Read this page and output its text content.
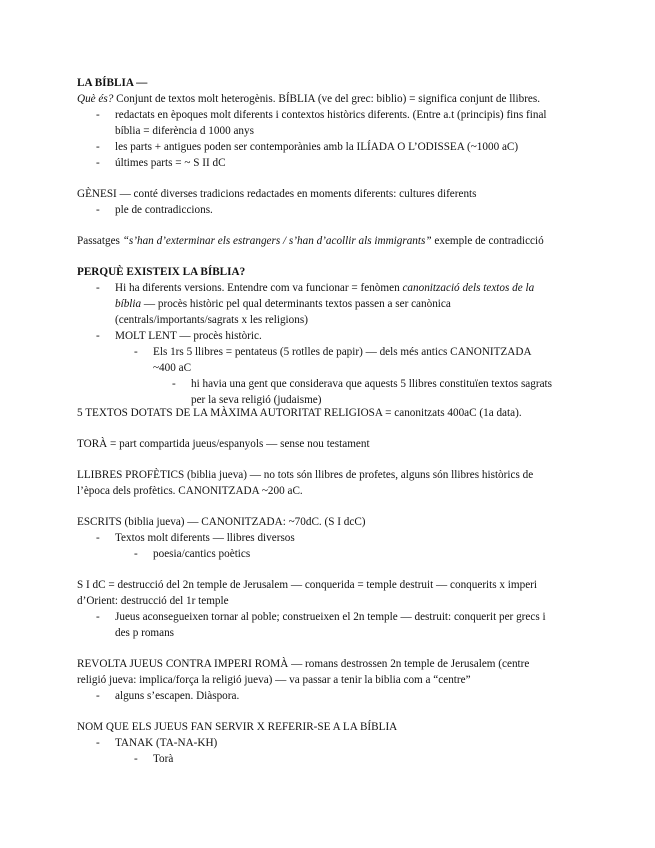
LA BÍBLIA —
Què és? Conjunt de textos molt heterogènis. BÍBLIA (ve del grec: biblio) = significa conjunt de llibres.
- redactats en èpoques molt diferents i contextos històrics diferents. (Entre a.t (principis) fins final
bíblia = diferència d 1000 anys
- les parts + antigues poden ser contemporànies amb la ILÍADA O L’ODISSEA (~1000 aC)
- últimes parts = ~ S II dC
GÈNESI — conté diverses tradicions redactades en moments diferents: cultures diferents
- ple de contradiccions.
Passatges “s’han d’exterminar els estrangers / s’han d’acollir als immigrants” exemple de contradicció
PERQUÈ EXISTEIX LA BÍBLIA?
- Hi ha diferents versions. Entendre com va funcionar = fenòmen canonització dels textos de la
bíblia — procès històric pel qual determinants textos passen a ser canònica
(centrals/importants/sagrats x les religions)
- MOLT LENT — procès històric.
- Els 1rs 5 llibres = pentateus (5 rotlles de papir) — dels més antics CANONITZADA
~400 aC
- hi havia una gent que considerava que aquests 5 llibres constituïen textos sagrats
per la seva religió (judaisme)
5 TEXTOS DOTATS DE LA MÀXIMA AUTORITAT RELIGIOSA = canonitzats 400aC (1a data).
TORÀ = part compartida jueus/espanyols — sense nou testament
LLIBRES PROFÈTICS (biblia jueva) — no tots són llibres de profetes, alguns són llibres històrics de
l’època dels profètics. CANONITZADA ~200 aC.
ESCRITS (biblia jueva) — CANONITZADA: ~70dC. (S I dcC)
- Textos molt diferents — llibres diversos
- poesia/cantics poètics
S I dC = destrucció del 2n temple de Jerusalem — conquerida = temple destruit — conquerits x imperi
d’Orient: destrucció del 1r temple
- Jueus aconsegueixen tornar al poble; construeixen el 2n temple — destruit: conquerit per grecs i
des p romans
REVOLTA JUEUS CONTRA IMPERI ROMÀ — romans destrossen 2n temple de Jerusalem (centre
religió jueva: implica/força la religió jueva) — va passar a tenir la biblia com a “centre”
- alguns s’escapen. Diàspora.
NOM QUE ELS JUEUS FAN SERVIR X REFERIR-SE A LA BÍBLIA
- TANAK (TA-NA-KH)
- Torà
